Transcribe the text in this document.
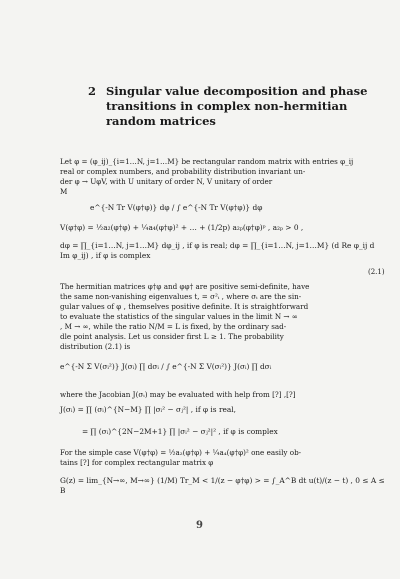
2 Singular value decomposition and phase transitions in complex non-hermitian random matrices
Let φ = (φ_ij)_{i=1…N, j=1…M} be rectangular random matrix with entries φ_ij
real or complex numbers, and probability distribution invariant un-
der φ → UφV, with U unitary of order N, V unitary of order
M
e^{-N Tr V(φ†φ)} dφ / ∫ e^{-N Tr V(φ†φ)} dφ
V(φ†φ) = ½a₂(φ†φ) + ¼a₄(φ†φ)² + … + (1/2p) a₂ₚ(φ†φ)ᵖ , a₂ₚ > 0 ,
dφ = ∏_{i=1…N, j=1…M} dφ_ij , if φ is real; dφ = ∏_{i=1…N, j=1…M} (d Re φ_ij d Im φ_ij) , if φ is complex
(2.1)
The hermitian matrices φ†φ and φφ† are positive semi-definite, have
the same non-vanishing eigenvalues t, = σ²ᵢ , where σᵢ are the sin-
gular values of φ , themselves positive definite. It is straightforward
to evaluate the statistics of the singular values in the limit N → ∞
, M → ∞, while the ratio N/M = L is fixed, by the ordinary sad-
dle point analysis. Let us consider first L ≥ 1. The probability
distribution (2.1) is
e^{-N Σ V(σᵢ²)} J(σᵢ) ∏ dσᵢ / ∫ e^{-N Σ V(σᵢ²)} J(σᵢ) ∏ dσᵢ
where the Jacobian J(σᵢ) may be evaluated with help from [?] ,[?]
J(σᵢ) = ∏ (σᵢ)^{N−M} ∏ |σᵢ² − σⱼ²| , if φ is real,
= ∏ (σᵢ)^{2N−2M+1} ∏ |σᵢ² − σⱼ²|² , if φ is complex
For the simple case V(φ†φ) = ½a₂(φ†φ) + ¼a₄(φ†φ)² one easily ob-
tains [?] for complex rectangular matrix φ
G(z) = lim_{N→∞, M→∞} (1/M) Tr_M < 1/(z − φ†φ) > = ∫_A^B dt u(t)/(z − t) , 0 ≤ A ≤ B
9
